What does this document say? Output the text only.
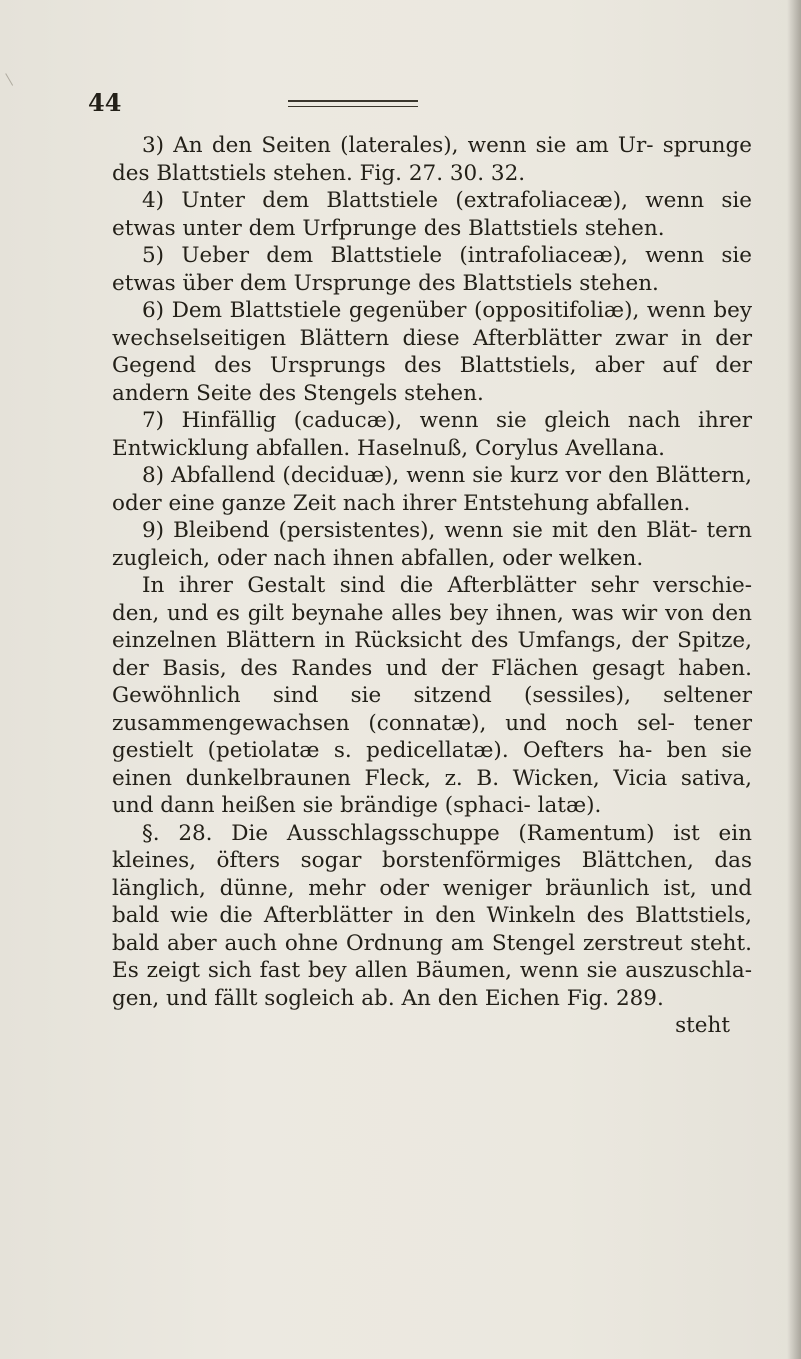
44

3) An den Seiten (laterales), wenn sie am Ur- sprunge des Blattstiels stehen. Fig. 27. 30. 32.

4) Unter dem Blattstiele (extrafoliaceæ), wenn sie etwas unter dem Urfprunge des Blattstiels stehen.

5) Ueber dem Blattstiele (intrafoliaceæ), wenn sie etwas über dem Ursprunge des Blattstiels stehen.

6) Dem Blattstiele gegenüber (oppositifoliæ), wenn bey wechselseitigen Blättern diese Afterblätter zwar in der Gegend des Ursprungs des Blattstiels, aber auf der andern Seite des Stengels stehen.

7) Hinfällig (caducæ), wenn sie gleich nach ihrer Entwicklung abfallen. Haselnuß, Corylus Avellana.

8) Abfallend (deciduæ), wenn sie kurz vor den Blättern, oder eine ganze Zeit nach ihrer Entstehung abfallen.

9) Bleibend (persistentes), wenn sie mit den Blät- tern zugleich, oder nach ihnen abfallen, oder welken.

In ihrer Gestalt sind die Afterblätter sehr verschie- den, und es gilt beynahe alles bey ihnen, was wir von den einzelnen Blättern in Rücksicht des Umfangs, der Spitze, der Basis, des Randes und der Flächen gesagt haben. Gewöhnlich sind sie sitzend (sessiles), seltener zusammengewachsen (connatæ), und noch sel- tener gestielt (petiolatæ s. pedicellatæ). Oefters ha- ben sie einen dunkelbraunen Fleck, z. B. Wicken, Vicia sativa, und dann heißen sie brändige (sphaci- latæ).

§. 28. Die Ausschlagsschuppe (Ramentum) ist ein kleines, öfters sogar borstenförmiges Blättchen, das länglich, dünne, mehr oder weniger bräunlich ist, und bald wie die Afterblätter in den Winkeln des Blattstiels, bald aber auch ohne Ordnung am Stengel zerstreut steht. Es zeigt sich fast bey allen Bäumen, wenn sie auszuschla- gen, und fällt sogleich ab. An den Eichen Fig. 289.

steht
